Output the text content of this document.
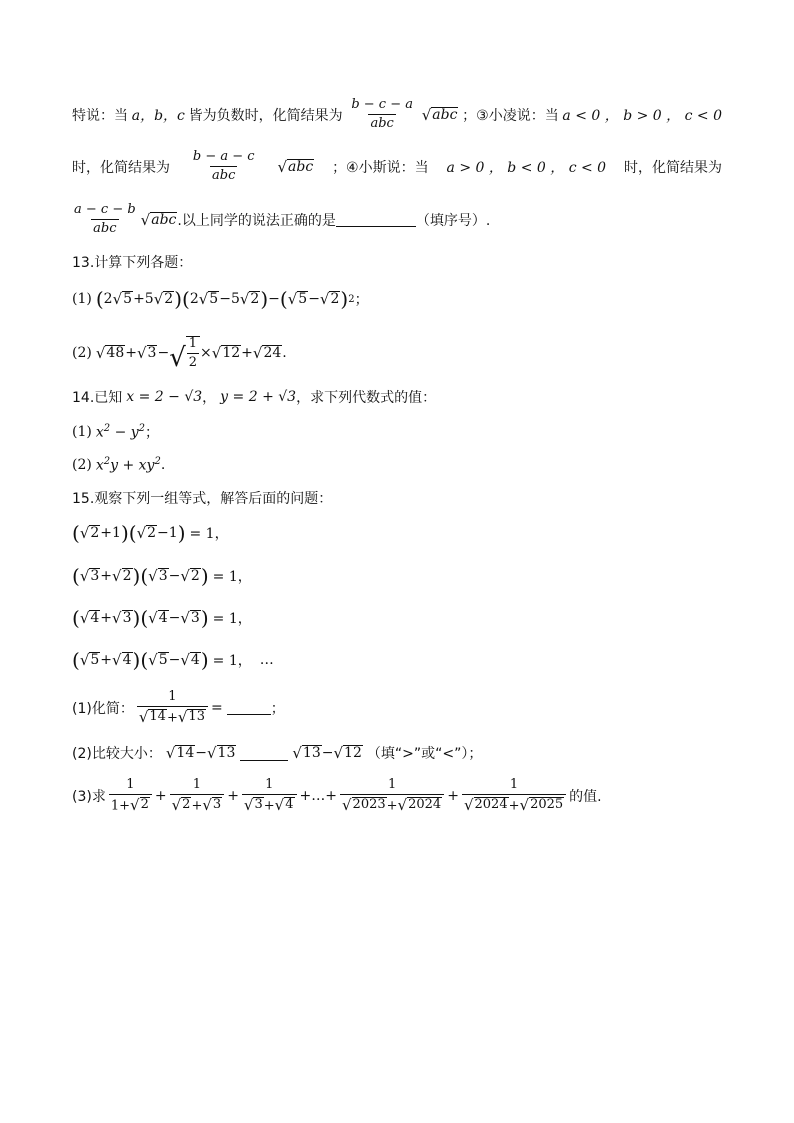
特说：当 a，b，c 皆为负数时，化简结果为 $\frac{b - c - a}{\text{abc}}$ √ abc ；③小凌说：当 a < 0 ， b > 0 ， c < 0
时，化简结果为 $\frac{b - a - c}{\text{abc}}$ √ abc ；④小斯说：当 a > 0 ， b < 0 ， c < 0 时，化简结果为
$\frac{a - c - b}{\text{abc}}$ √ abc .以上同学的说法正确的是	（填序号）.
13.计算下列各题：
(1) ( 2 √ 5 +5 √ 2 ) ( 2 √ 5 −5 √ 2 ) − ( √ 5 − √ 2 ) 2 ；
(2) √ 48 + √ 3 − √ $\frac{1}{2}$ × √ 12 + √ 24 .
14.已知 x = 2 − √3 ， y = 2 + √3 ，求下列代数式的值：
(1) $x^2 - y^2$ ；
(2) $x^2y + xy^2$ .
15.观察下列一组等式，解答后面的问题：
( √ 2 +1 ) ( √ 2 −1 ) = 1，
( √ 3 + √ 2 ) ( √ 3 − √ 2 ) = 1，
( √ 4 + √ 3 ) ( √ 4 − √ 3 ) = 1，
( √ 5 + √ 4 ) ( √ 5 − √ 4 ) = 1， …
(1)化简： $\frac{1}{√ 14 + √ 13}$ =	；
(2)比较大小： √ 14 − √ 13	√ 13 − √ 12 （填“>”或“<”）；
(3)求 $\frac{1}{1+ √ 2} + \frac{1}{√ 2 + √ 3} + \frac{1}{√ 3 + √ 4}$ +…+ $\frac{1}{√ 2023 + √ 2024} + \frac{1}{√ 2024 + √ 2025}$ 的值.
